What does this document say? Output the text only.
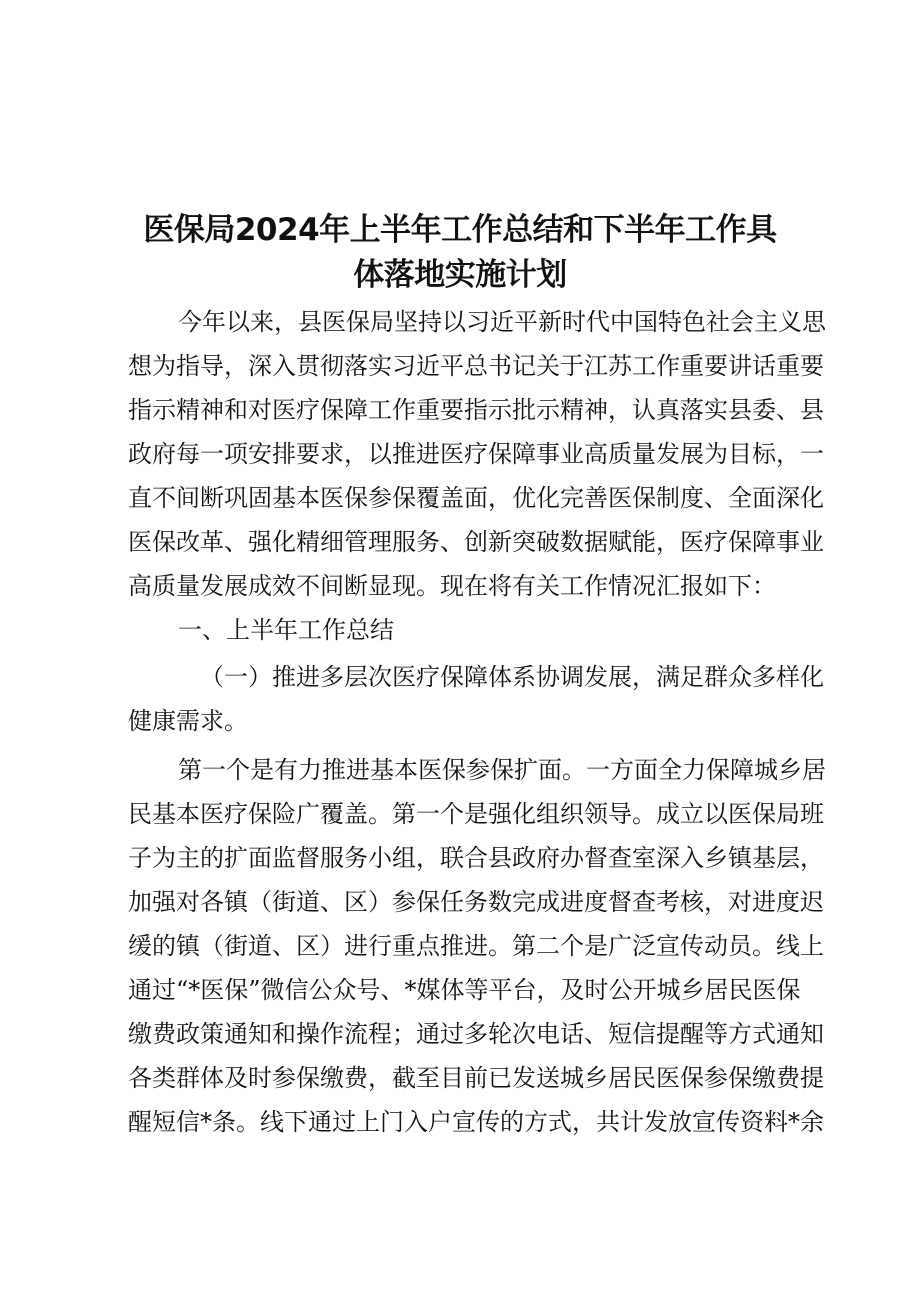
医保局2024年上半年工作总结和下半年工作具
体落地实施计划
今年以来，县医保局坚持以习近平新时代中国特色社会主义思
想为指导，深入贯彻落实习近平总书记关于江苏工作重要讲话重要
指示精神和对医疗保障工作重要指示批示精神，认真落实县委、县
政府每一项安排要求，以推进医疗保障事业高质量发展为目标，一
直不间断巩固基本医保参保覆盖面，优化完善医保制度、全面深化
医保改革、强化精细管理服务、创新突破数据赋能，医疗保障事业
高质量发展成效不间断显现。现在将有关工作情况汇报如下：
一、上半年工作总结
（一）推进多层次医疗保障体系协调发展，满足群众多样化
健康需求。
第一个是有力推进基本医保参保扩面。一方面全力保障城乡居
民基本医疗保险广覆盖。第一个是强化组织领导。成立以医保局班
子为主的扩面监督服务小组，联合县政府办督查室深入乡镇基层，
加强对各镇（街道、区）参保任务数完成进度督查考核，对进度迟
缓的镇（街道、区）进行重点推进。第二个是广泛宣传动员。线上
通过“*医保”微信公众号、*媒体等平台，及时公开城乡居民医保
缴费政策通知和操作流程；通过多轮次电话、短信提醒等方式通知
各类群体及时参保缴费，截至目前已发送城乡居民医保参保缴费提
醒短信*条。线下通过上门入户宣传的方式，共计发放宣传资料*余
